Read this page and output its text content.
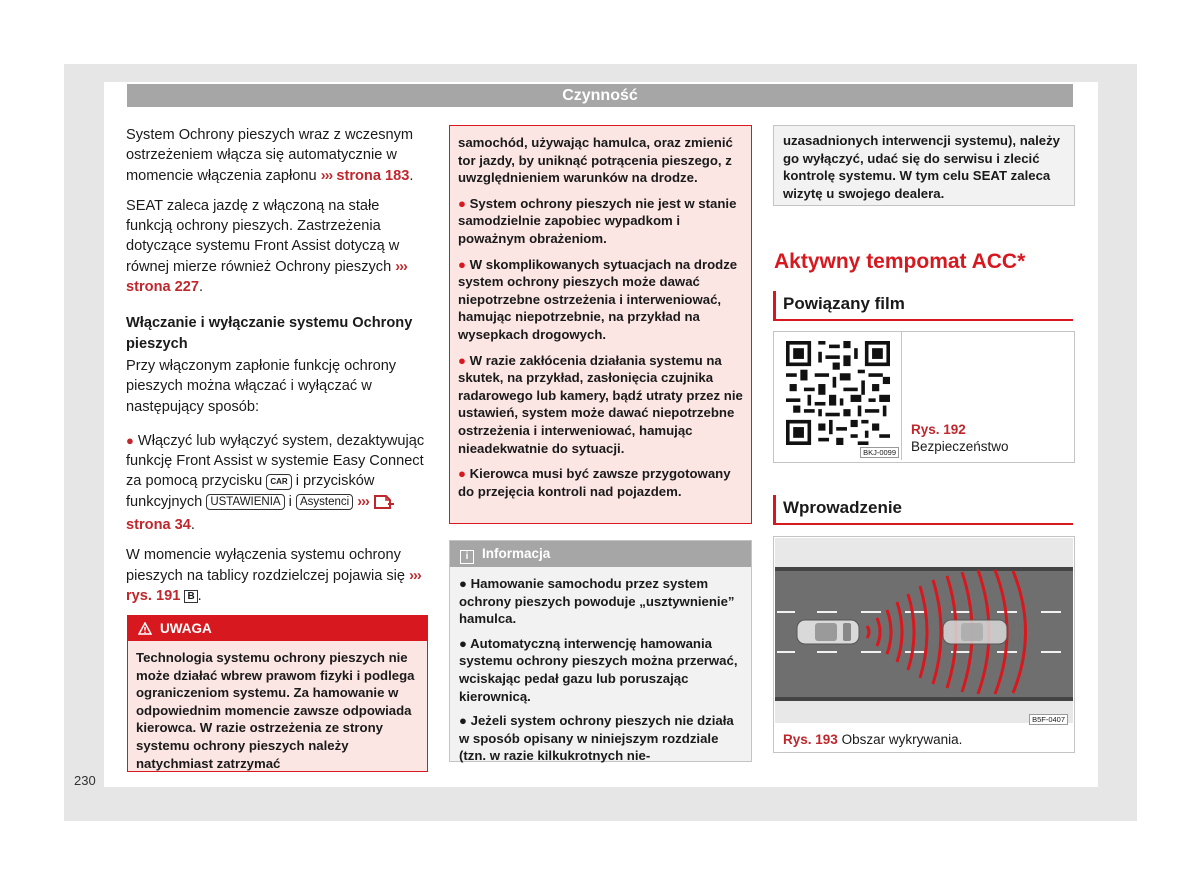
Czynność

System Ochrony pieszych wraz z wczesnym ostrzeżeniem włącza się automatycznie w momencie włączenia zapłonu ››› strona 183.

SEAT zaleca jazdę z włączoną na stałe funkcją ochrony pieszych. Zastrzeżenia dotyczące systemu Front Assist dotyczą w równej mierze również Ochrony pieszych ››› strona 227.

Włączanie i wyłączanie systemu Ochrony pieszych

Przy włączonym zapłonie funkcję ochrony pieszych można włączać i wyłączać w następujący sposób:

● Włączyć lub wyłączyć system, dezaktywując funkcję Front Assist w systemie Easy Connect za pomocą przycisku CAR i przycisków funkcyjnych USTAWIENIA i Asystenci ›››  strona 34.

W momencie wyłączenia systemu ochrony pieszych na tablicy rozdzielczej pojawia się ››› rys. 191 B .

UWAGA
Technologia systemu ochrony pieszych nie może działać wbrew prawom fizyki i podlega ograniczeniom systemu. Za hamowanie w odpowiednim momencie zawsze odpowiada kierowca. W razie ostrzeżenia ze strony systemu ochrony pieszych należy natychmiast zatrzymać

samochód, używając hamulca, oraz zmienić tor jazdy, by uniknąć potrącenia pieszego, z uwzględnieniem warunków na drodze.

● System ochrony pieszych nie jest w stanie samodzielnie zapobiec wypadkom i poważnym obrażeniom.

● W skomplikowanych sytuacjach na drodze system ochrony pieszych może dawać niepotrzebne ostrzeżenia i interweniować, hamując niepotrzebnie, na przykład na wysepkach drogowych.

● W razie zakłócenia działania systemu na skutek, na przykład, zasłonięcia czujnika radarowego lub kamery, bądź utraty przez nie ustawień, system może dawać niepotrzebne ostrzeżenia i interweniować, hamując nieadekwatnie do sytuacji.

● Kierowca musi być zawsze przygotowany do przejęcia kontroli nad pojazdem.

i Informacja

● Hamowanie samochodu przez system ochrony pieszych powoduje „usztywnienie” hamulca.

● Automatyczną interwencję hamowania systemu ochrony pieszych można przerwać, wciskając pedał gazu lub poruszając kierownicą.

● Jeżeli system ochrony pieszych nie działa w sposób opisany w niniejszym rozdziale (tzn. w razie kilkukrotnych nie-

uzasadnionych interwencji systemu), należy go wyłączyć, udać się do serwisu i zlecić kontrolę systemu. W tym celu SEAT zaleca wizytę u swojego dealera.
Aktywny tempomat ACC*
Powiązany film
BKJ-0099
Rys. 192 Bezpieczeństwo
Wprowadzenie
B5F-0407
Rys. 193 Obszar wykrywania.
230
